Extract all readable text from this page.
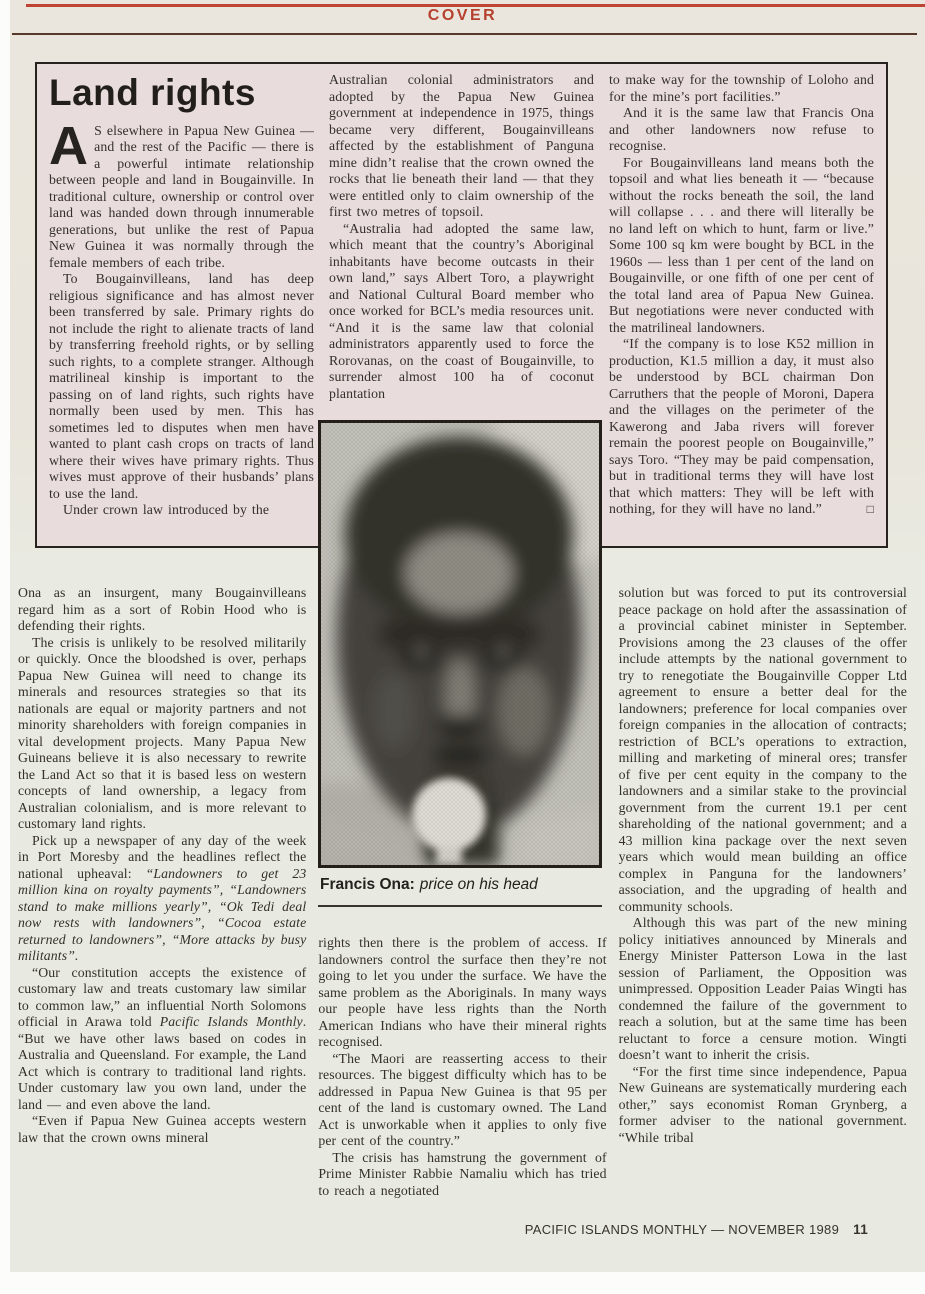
COVER
Land rights

A S elsewhere in Papua New Guinea — and the rest of the Pacific — there is a powerful intimate relationship between people and land in Bougainville. In traditional culture, ownership or control over land was handed down through innumerable generations, but unlike the rest of Papua New Guinea it was normally through the female members of each tribe.

To Bougainvilleans, land has deep religious significance and has almost never been transferred by sale. Primary rights do not include the right to alienate tracts of land by transferring freehold rights, or by selling such rights, to a complete stranger. Although matrilineal kinship is important to the passing on of land rights, such rights have normally been used by men. This has sometimes led to disputes when men have wanted to plant cash crops on tracts of land where their wives have primary rights. Thus wives must approve of their husbands’ plans to use the land.

Under crown law introduced by the

Australian colonial administrators and adopted by the Papua New Guinea government at independence in 1975, things became very different, Bougainvilleans affected by the establishment of Panguna mine didn’t realise that the crown owned the rocks that lie beneath their land — that they were entitled only to claim ownership of the first two metres of topsoil.

“Australia had adopted the same law, which meant that the country’s Aboriginal inhabitants have become outcasts in their own land,” says Albert Toro, a playwright and National Cultural Board member who once worked for BCL’s media resources unit. “And it is the same law that colonial administrators apparently used to force the Rorovanas, on the coast of Bougainville, to surrender almost 100 ha of coconut plantation

to make way for the township of Loloho and for the mine’s port facilities.”

And it is the same law that Francis Ona and other landowners now refuse to recognise.

For Bougainvilleans land means both the topsoil and what lies beneath it — “because without the rocks beneath the soil, the land will collapse . . . and there will literally be no land left on which to hunt, farm or live.” Some 100 sq km were bought by BCL in the 1960s — less than 1 per cent of the land on Bougainville, or one fifth of one per cent of the total land area of Papua New Guinea. But negotiations were never conducted with the matrilineal landowners.

“If the company is to lose K52 million in production, K1.5 million a day, it must also be understood by BCL chairman Don Carruthers that the people of Moroni, Dapera and the villages on the perimeter of the Kawerong and Jaba rivers will forever remain the poorest people on Bougainville,” says Toro. “They may be paid compensation, but in traditional terms they will have lost that which matters: They will be left with nothing, for they will have no land.”	□

Francis Ona: price on his head

Ona as an insurgent, many Bougainvilleans regard him as a sort of Robin Hood who is defending their rights.

The crisis is unlikely to be resolved militarily or quickly. Once the bloodshed is over, perhaps Papua New Guinea will need to change its minerals and resources strategies so that its nationals are equal or majority partners and not minority shareholders with foreign companies in vital development projects. Many Papua New Guineans believe it is also necessary to rewrite the Land Act so that it is based less on western concepts of land ownership, a legacy from Australian colonialism, and is more relevant to customary land rights.

Pick up a newspaper of any day of the week in Port Moresby and the headlines reflect the national upheaval: “Landowners to get 23 million kina on royalty payments”, “Landowners stand to make millions yearly”, “Ok Tedi deal now rests with landowners”, “Cocoa estate returned to landowners”, “More attacks by busy militants”.

“Our constitution accepts the existence of customary law and treats customary law similar to common law,” an influential North Solomons official in Arawa told Pacific Islands Monthly. “But we have other laws based on codes in Australia and Queensland. For example, the Land Act which is contrary to traditional land rights. Under customary law you own land, under the land — and even above the land.

“Even if Papua New Guinea accepts western law that the crown owns mineral

rights then there is the problem of access. If landowners control the surface then they’re not going to let you under the surface. We have the same problem as the Aboriginals. In many ways our people have less rights than the North American Indians who have their mineral rights recognised.

“The Maori are reasserting access to their resources. The biggest difficulty which has to be addressed in Papua New Guinea is that 95 per cent of the land is customary owned. The Land Act is unworkable when it applies to only five per cent of the country.”

The crisis has hamstrung the government of Prime Minister Rabbie Namaliu which has tried to reach a negotiated

solution but was forced to put its controversial peace package on hold after the assassination of a provincial cabinet minister in September. Provisions among the 23 clauses of the offer include attempts by the national government to try to renegotiate the Bougainville Copper Ltd agreement to ensure a better deal for the landowners; preference for local companies over foreign companies in the allocation of contracts; restriction of BCL’s operations to extraction, milling and marketing of mineral ores; transfer of five per cent equity in the company to the landowners and a similar stake to the provincial government from the current 19.1 per cent shareholding of the national government; and a 43 million kina package over the next seven years which would mean building an office complex in Panguna for the landowners’ association, and the upgrading of health and community schools.

Although this was part of the new mining policy initiatives announced by Minerals and Energy Minister Patterson Lowa in the last session of Parliament, the Opposition was unimpressed. Opposition Leader Paias Wingti has condemned the failure of the government to reach a solution, but at the same time has been reluctant to force a censure motion. Wingti doesn’t want to inherit the crisis.

“For the first time since independence, Papua New Guineans are systematically murdering each other,” says economist Roman Grynberg, a former adviser to the national government. “While tribal

PACIFIC ISLANDS MONTHLY — NOVEMBER 1989 11
